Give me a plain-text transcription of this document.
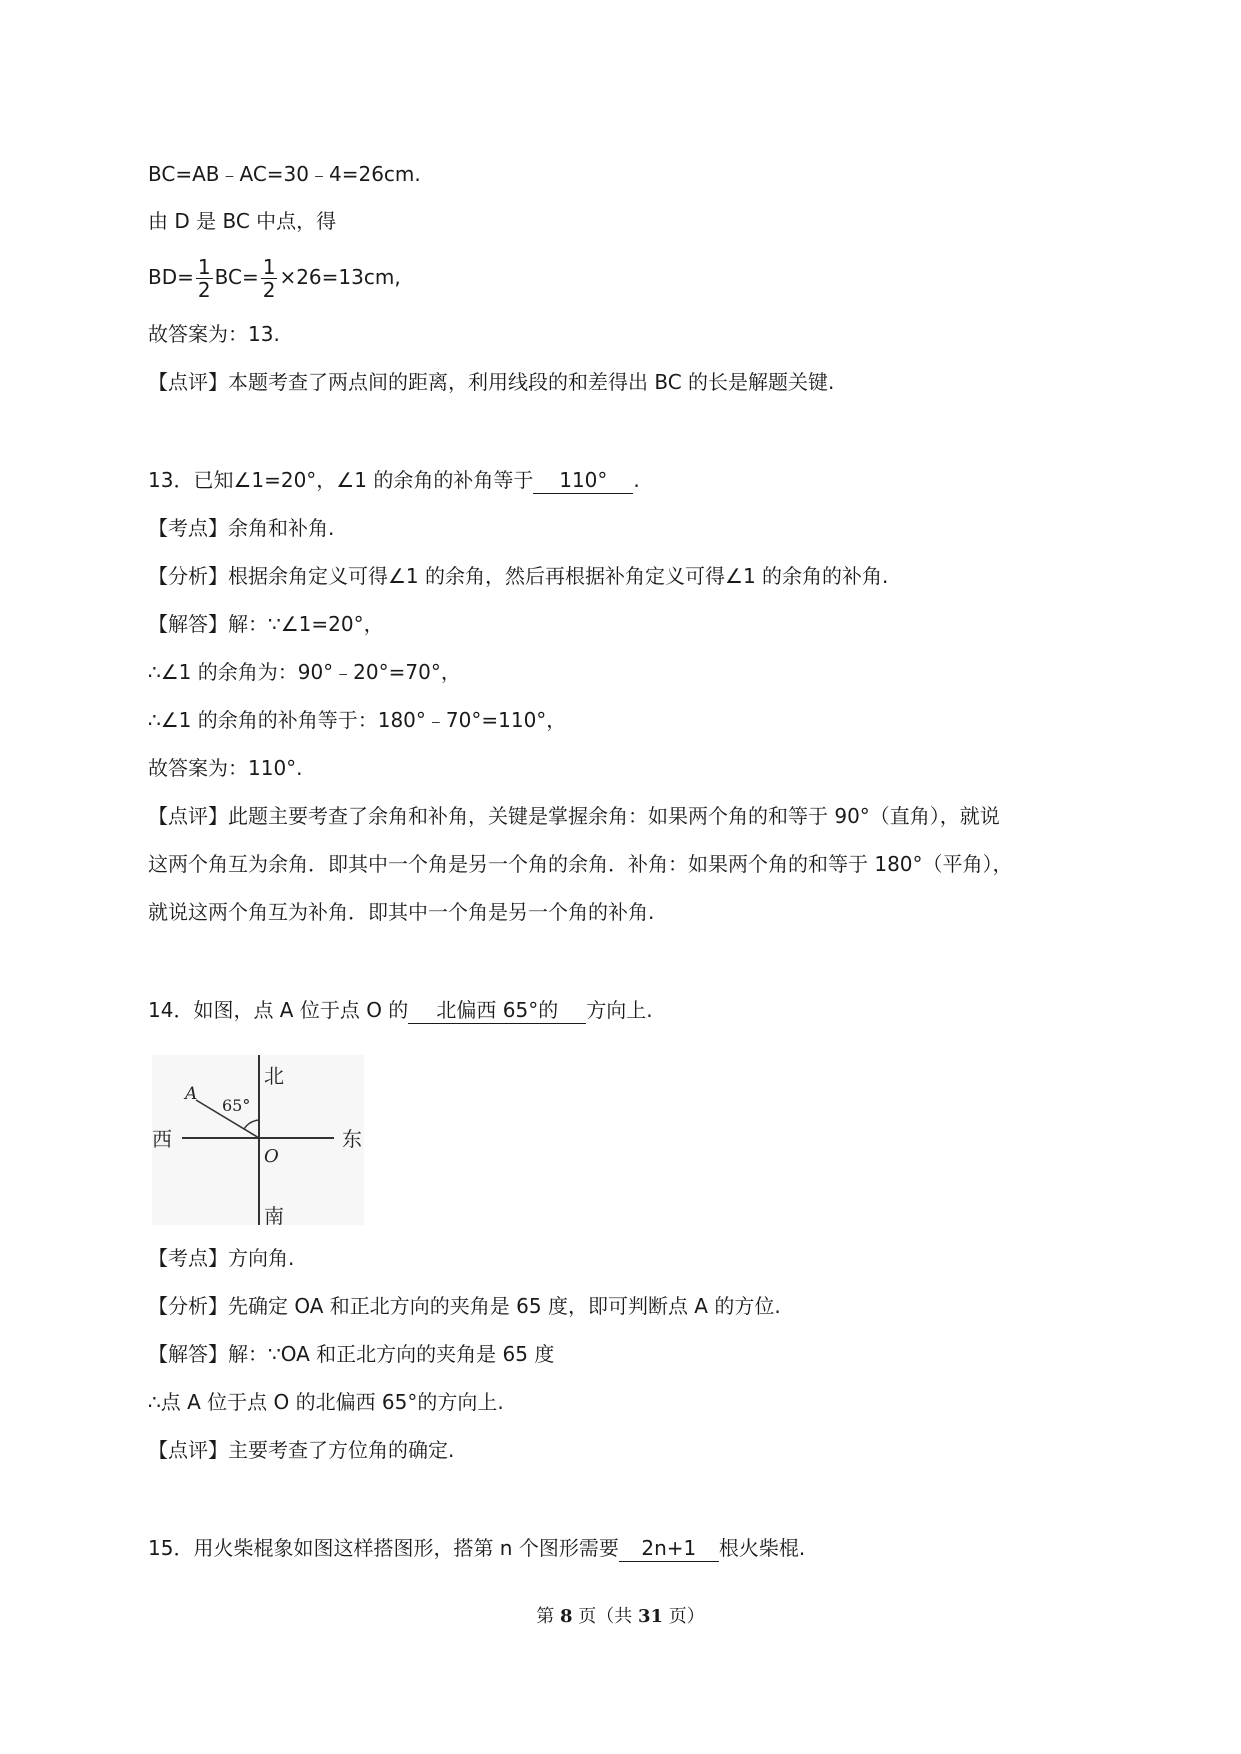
BC=AB﹣AC=30﹣4=26cm.
由 D 是 BC 中点，得
$BD= \frac{1}{2} BC= \frac{1}{2} \times 26=13cm$,
故答案为：13.
【点评】本题考查了两点间的距离，利用线段的和差得出 BC 的长是解题关键.
13．已知∠1=20°，∠1 的余角的补角等于 110° .
【考点】余角和补角.
【分析】根据余角定义可得∠1 的余角，然后再根据补角定义可得∠1 的余角的补角.
【解答】解：∵∠1=20°，
∴∠1 的余角为：90°﹣20°=70°，
∴∠1 的余角的补角等于：180°﹣70°=110°，
故答案为：110°.
【点评】此题主要考查了余角和补角，关键是掌握余角：如果两个角的和等于 90°（直角），就说
这两个角互为余角．即其中一个角是另一个角的余角．补角：如果两个角的和等于 180°（平角），
就说这两个角互为补角．即其中一个角是另一个角的补角.
14．如图，点 A 位于点 O 的 北偏西 65°的 方向上.
北
西	东
南
A
O
65°
【考点】方向角.
【分析】先确定 OA 和正北方向的夹角是 65 度，即可判断点 A 的方位.
【解答】解：∵OA 和正北方向的夹角是 65 度
∴点 A 位于点 O 的北偏西 65°的方向上.
【点评】主要考查了方位角的确定.
15．用火柴棍象如图这样搭图形，搭第 n 个图形需要 2n+1 根火柴棍.
第 8 页（共 31 页）
